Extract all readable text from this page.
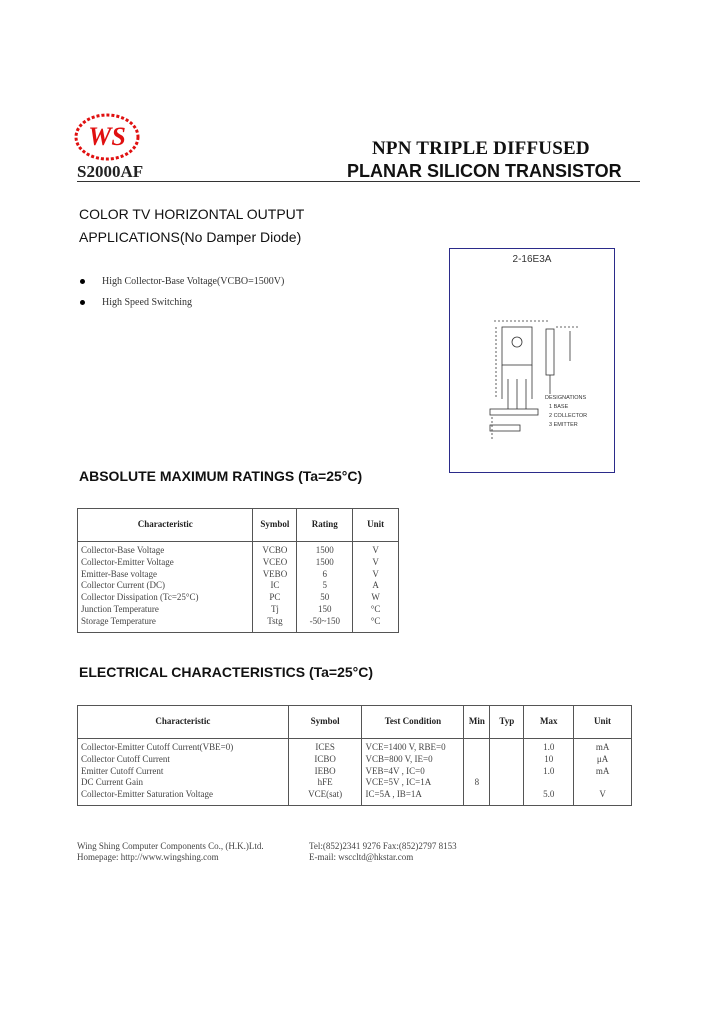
WS
S2000AF
NPN TRIPLE DIFFUSED
PLANAR SILICON TRANSISTOR
COLOR TV HORIZONTAL OUTPUT
APPLICATIONS(No Damper Diode)
High Collector-Base Voltage(VCBO=1500V)
High Speed Switching
2-16E3A
DESIGNATIONS
1 BASE
2 COLLECTOR
3 EMITTER
ABSOLUTE MAXIMUM RATINGS (Ta=25°C)
Characteristic	Symbol	Rating	Unit
Collector-Base Voltage	VCBO	1500	V
Collector-Emitter Voltage	VCEO	1500	V
Emitter-Base voltage	VEBO	6	V
Collector Current (DC)	IC	5	A
Collector Dissipation (Tc=25°C)	PC	50	W
Junction Temperature	Tj	150	°C
Storage Temperature	Tstg	-50~150	°C
ELECTRICAL CHARACTERISTICS (Ta=25°C)
Characteristic	Symbol	Test Condition	Min	Typ	Max	Unit
Collector-Emitter Cutoff Current(VBE=0)	ICES	VCE=1400 V, RBE=0			1.0	mA
Collector Cutoff Current	ICBO	VCB=800 V, IE=0			10	μA
Emitter Cutoff Current	IEBO	VEB=4V , IC=0			1.0	mA
DC Current Gain	hFE	VCE=5V , IC=1A	8			
Collector-Emitter Saturation Voltage	VCE(sat)	IC=5A , IB=1A			5.0	V
Wing Shing Computer Components Co., (H.K.)Ltd.
Homepage: http://www.wingshing.com
Tel:(852)2341 9276 Fax:(852)2797 8153
E-mail: wsccltd@hkstar.com
